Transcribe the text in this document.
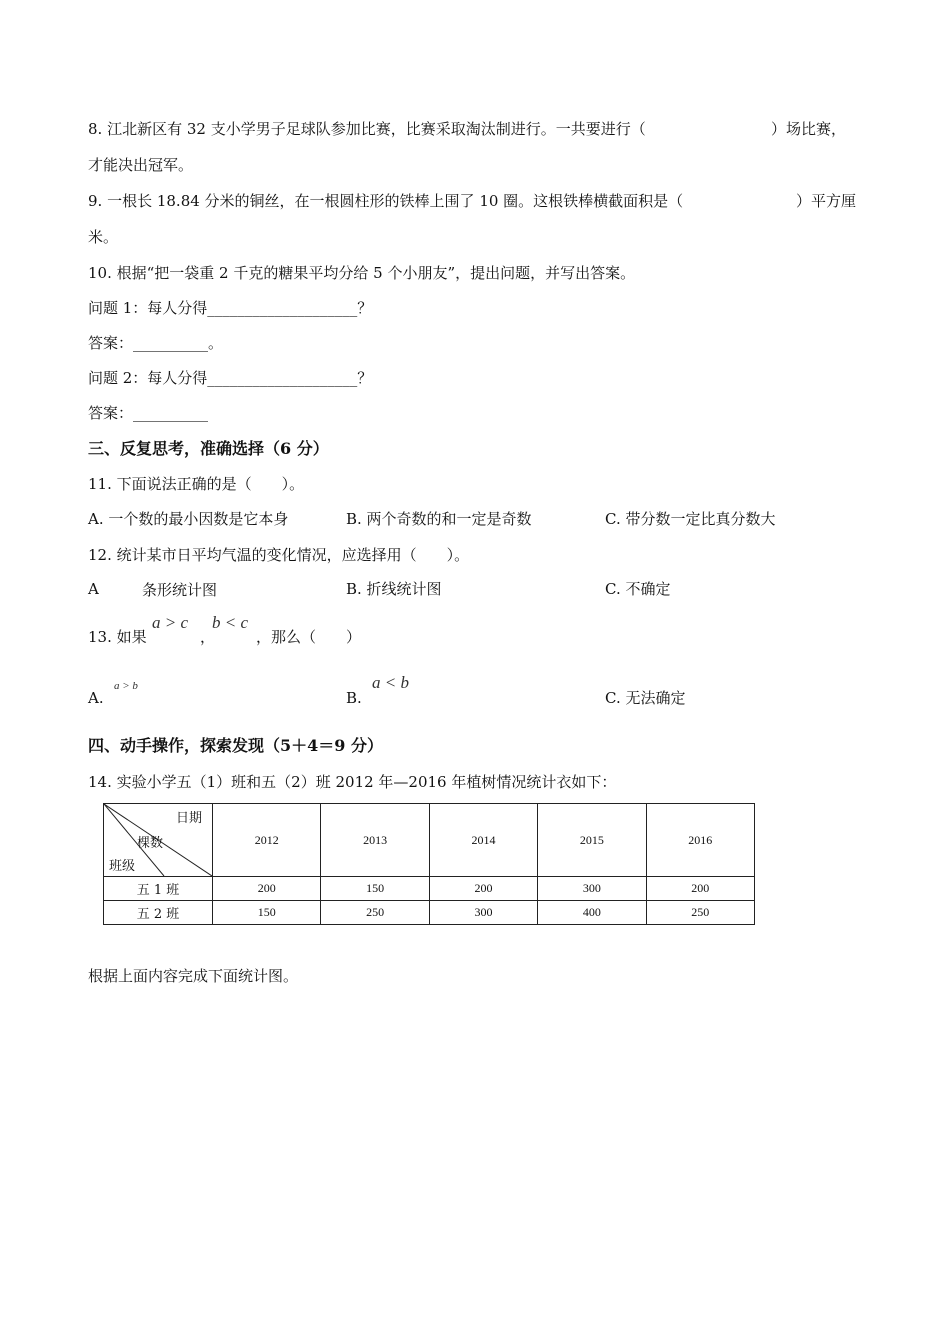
8. 江北新区有 32 支小学男子足球队参加比赛，比赛采取淘汰制进行。一共要进行（	）场比赛，
才能决出冠军。
9. 一根长 18.84 分米的铜丝，在一根圆柱形的铁棒上围了 10 圈。这根铁棒横截面积是（	）平方厘
米。
10. 根据“把一袋重 2 千克的糖果平均分给 5 个小朋友”，提出问题，并写出答案。
问题 1：每人分得____________________？
答案：__________。
问题 2：每人分得____________________？
答案：__________
三、反复思考，准确选择（6 分）
11. 下面说法正确的是（　　）。
A. 一个数的最小因数是它本身	B. 两个奇数的和一定是奇数	C. 带分数一定比真分数大
12. 统计某市日平均气温的变化情况，应选择用（　　）。
A	条形统计图	B. 折线统计图	C. 不确定
13. 如果
a > c
，
b < c
，那么（　　）
A.
a > b
B.
a < b
C. 无法确定
四、动手操作，探索发现（5＋4＝9 分）
14. 实验小学五（1）班和五（2）班 2012 年—2016 年植树情况统计衣如下：
日期
棵数
班级	2012	2013	2014	2015	2016
五 1 班	200	150	200	300	200
五 2 班	150	250	300	400	250
根据上面内容完成下面统计图。
